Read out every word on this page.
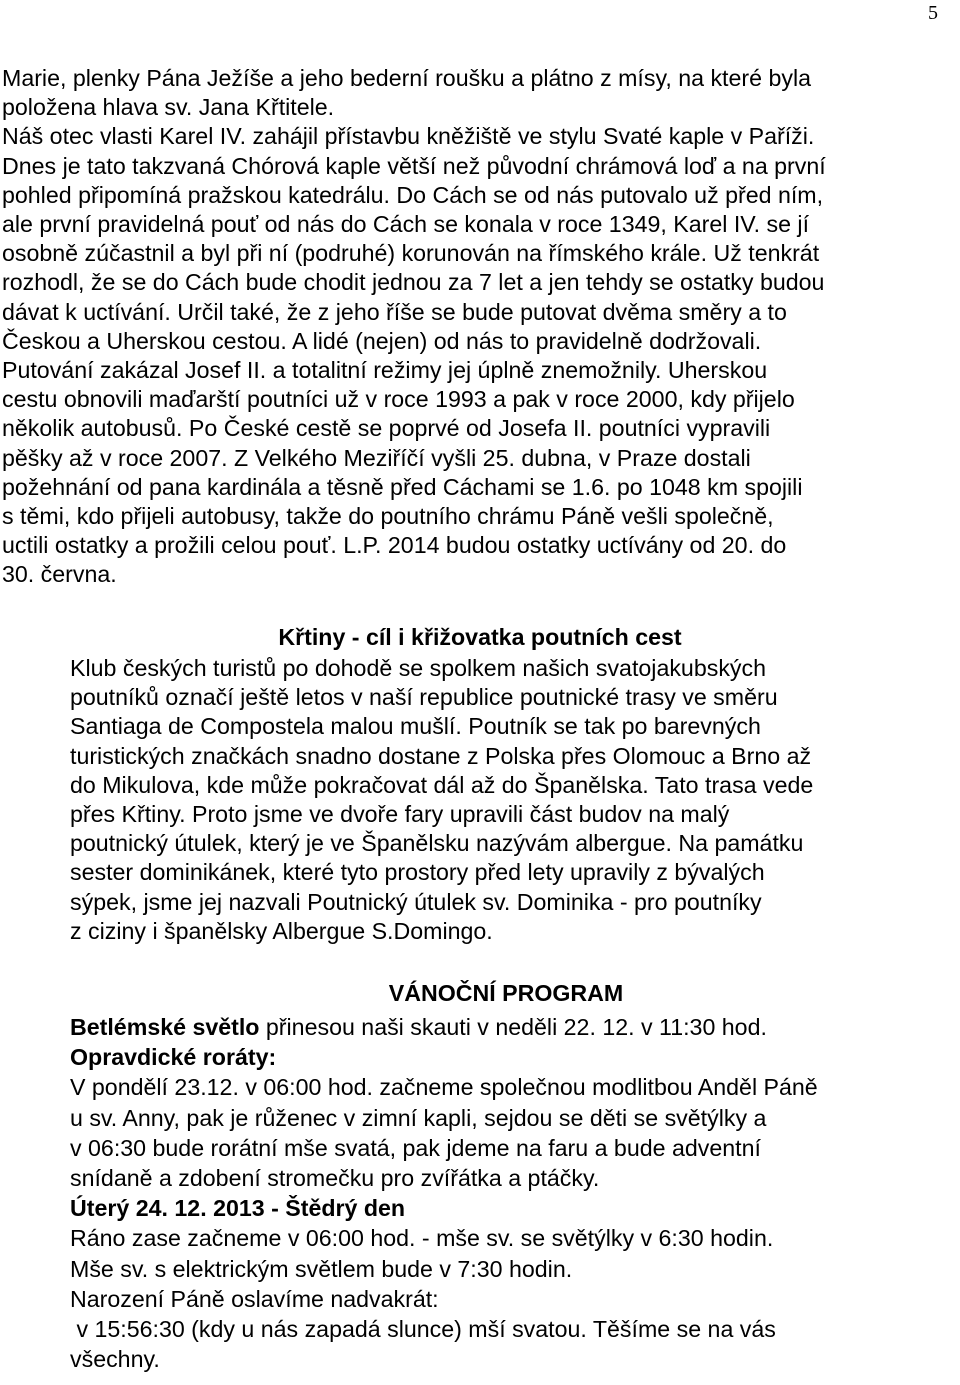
5

Marie, plenky Pána Ježíše a jeho bederní roušku a plátno z mísy, na které byla

položena hlava sv. Jana Křtitele.

Náš otec vlasti Karel IV. zahájil přístavbu kněžiště ve stylu Svaté kaple v Paříži.

Dnes je tato takzvaná Chórová kaple větší než původní chrámová loď a na první

pohled připomíná pražskou katedrálu. Do Cách se od nás putovalo už před ním,

ale první pravidelná pouť od nás do Cách se konala v roce 1349, Karel IV. se jí

osobně zúčastnil a byl při ní (podruhé) korunován na římského krále. Už tenkrát

rozhodl, že se do Cách bude chodit jednou za 7 let a jen tehdy se ostatky budou

dávat k uctívání. Určil také, že z jeho říše se bude putovat dvěma směry a to

Českou a Uherskou cestou. A lidé (nejen) od nás to pravidelně dodržovali.

Putování zakázal Josef II. a totalitní režimy jej úplně znemožnily. Uherskou

cestu obnovili maďarští poutníci už v roce 1993 a pak v roce 2000, kdy přijelo

několik autobusů. Po České cestě se poprvé od Josefa II. poutníci vypravili

pěšky až v roce 2007. Z Velkého Meziříčí vyšli 25. dubna, v Praze dostali

požehnání od pana kardinála a těsně před Cáchami se 1.6. po 1048 km spojili

s těmi, kdo přijeli autobusy, takže do poutního chrámu Páně vešli společně,

uctili ostatky a prožili celou pouť. L.P. 2014 budou ostatky uctívány od 20. do

30. června.

Křtiny - cíl i křižovatka poutních cest

Klub českých turistů po dohodě se spolkem našich svatojakubských

poutníků označí ještě letos v naší republice poutnické trasy ve směru

Santiaga de Compostela malou mušlí. Poutník se tak po barevných

turistických značkách snadno dostane z Polska přes Olomouc a Brno až

do Mikulova, kde může pokračovat dál až do Španělska. Tato trasa vede

přes Křtiny. Proto jsme ve dvoře fary upravili část budov na malý

poutnický útulek, který je ve Španělsku nazývám albergue. Na památku

sester dominikánek, které tyto prostory před lety upravily z bývalých

sýpek, jsme jej nazvali Poutnický útulek sv. Dominika - pro poutníky

z ciziny i španělsky Albergue S.Domingo.

VÁNOČNÍ PROGRAM

Betlémské světlo přinesou naši skauti v neděli 22. 12. v 11:30 hod.

Opravdické roráty:

V pondělí 23.12. v 06:00 hod. začneme společnou modlitbou Anděl Páně

u sv. Anny, pak je růženec v zimní kapli, sejdou se děti se světýlky a

v 06:30 bude rorátní mše svatá, pak jdeme na faru a bude adventní

snídaně a zdobení stromečku pro zvířátka a ptáčky.

Úterý 24. 12. 2013 - Štědrý den

Ráno zase začneme v 06:00 hod. - mše sv. se světýlky v 6:30 hodin.

Mše sv. s elektrickým světlem bude v 7:30 hodin.

Narození Páně oslavíme nadvakrát:

v 15:56:30 (kdy u nás zapadá slunce) mší svatou. Těšíme se na vás

všechny.
